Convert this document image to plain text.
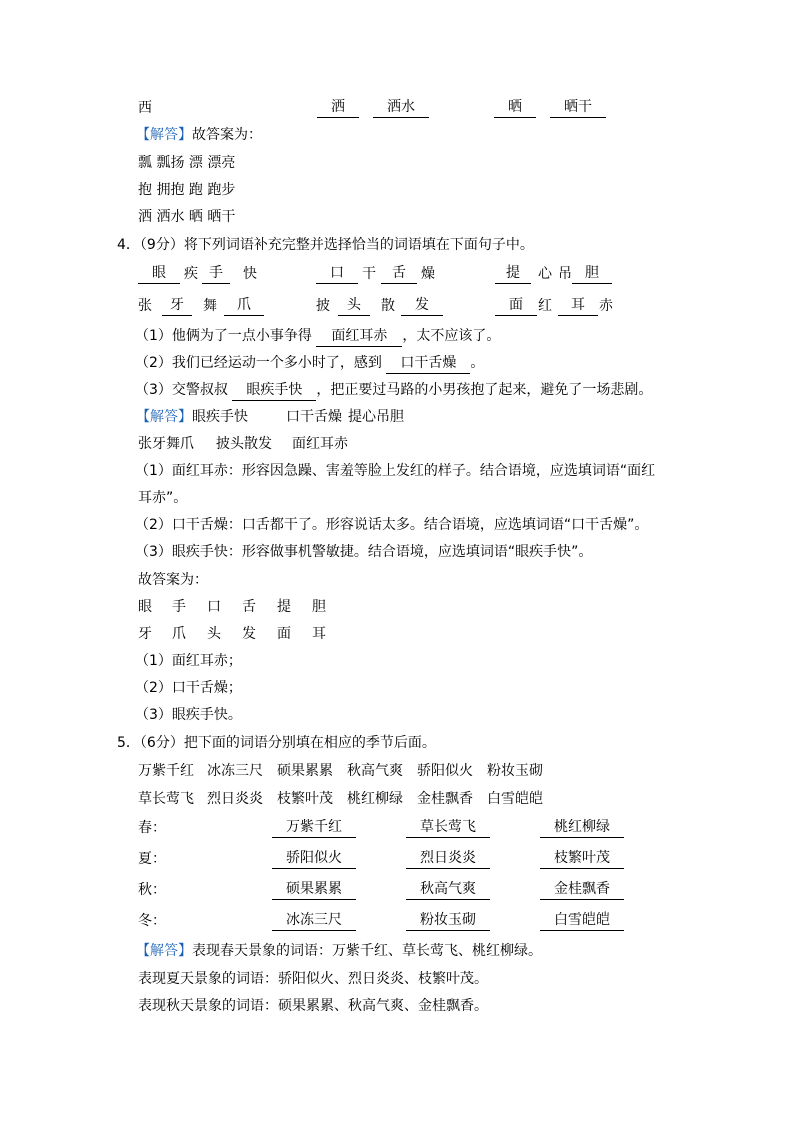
西	洒	洒水	晒	晒干
【解答】故答案为：
瓢 瓢扬 漂 漂亮
抱 拥抱 跑 跑步
洒 洒水 晒 晒干
4．（9分）将下列词语补充完整并选择恰当的词语填在下面句子中。
眼	疾 手	快	口	干	舌	燥	提	心 吊 胆
张	牙	舞	爪	披	头	散	发	面	红	耳	赤
（1）他俩为了一点小事争得 面红耳赤 ，太不应该了。
（2）我们已经运动一个多小时了，感到 口干舌燥 。
（3）交警叔叔 眼疾手快 ，把正要过马路的小男孩抱了起来，避免了一场悲剧。
【解答】眼疾手快	口干舌燥 提心吊胆
张牙舞爪 披头散发 面红耳赤
（1）面红耳赤：形容因急躁、害羞等脸上发红的样子。结合语境，应选填词语“面红
耳赤”。
（2）口干舌燥：口舌都干了。形容说话太多。结合语境，应选填词语“口干舌燥”。
（3）眼疾手快：形容做事机警敏捷。结合语境，应选填词语“眼疾手快”。
故答案为：
眼 手 口 舌 提 胆
牙 爪 头 发 面 耳
（1）面红耳赤；
（2）口干舌燥；
（3）眼疾手快。
5．（6分）把下面的词语分别填在相应的季节后面。
万紫千红 冰冻三尺 硕果累累 秋高气爽 骄阳似火 粉妆玉砌
草长莺飞 烈日炎炎 枝繁叶茂 桃红柳绿 金桂飘香 白雪皑皑
春：	万紫千红	草长莺飞	桃红柳绿
夏：	骄阳似火	烈日炎炎	枝繁叶茂
秋：	硕果累累	秋高气爽	金桂飘香
冬：	冰冻三尺	粉妆玉砌	白雪皑皑
【解答】表现春天景象的词语：万紫千红、草长莺飞、桃红柳绿。
表现夏天景象的词语：骄阳似火、烈日炎炎、枝繁叶茂。
表现秋天景象的词语：硕果累累、秋高气爽、金桂飘香。
